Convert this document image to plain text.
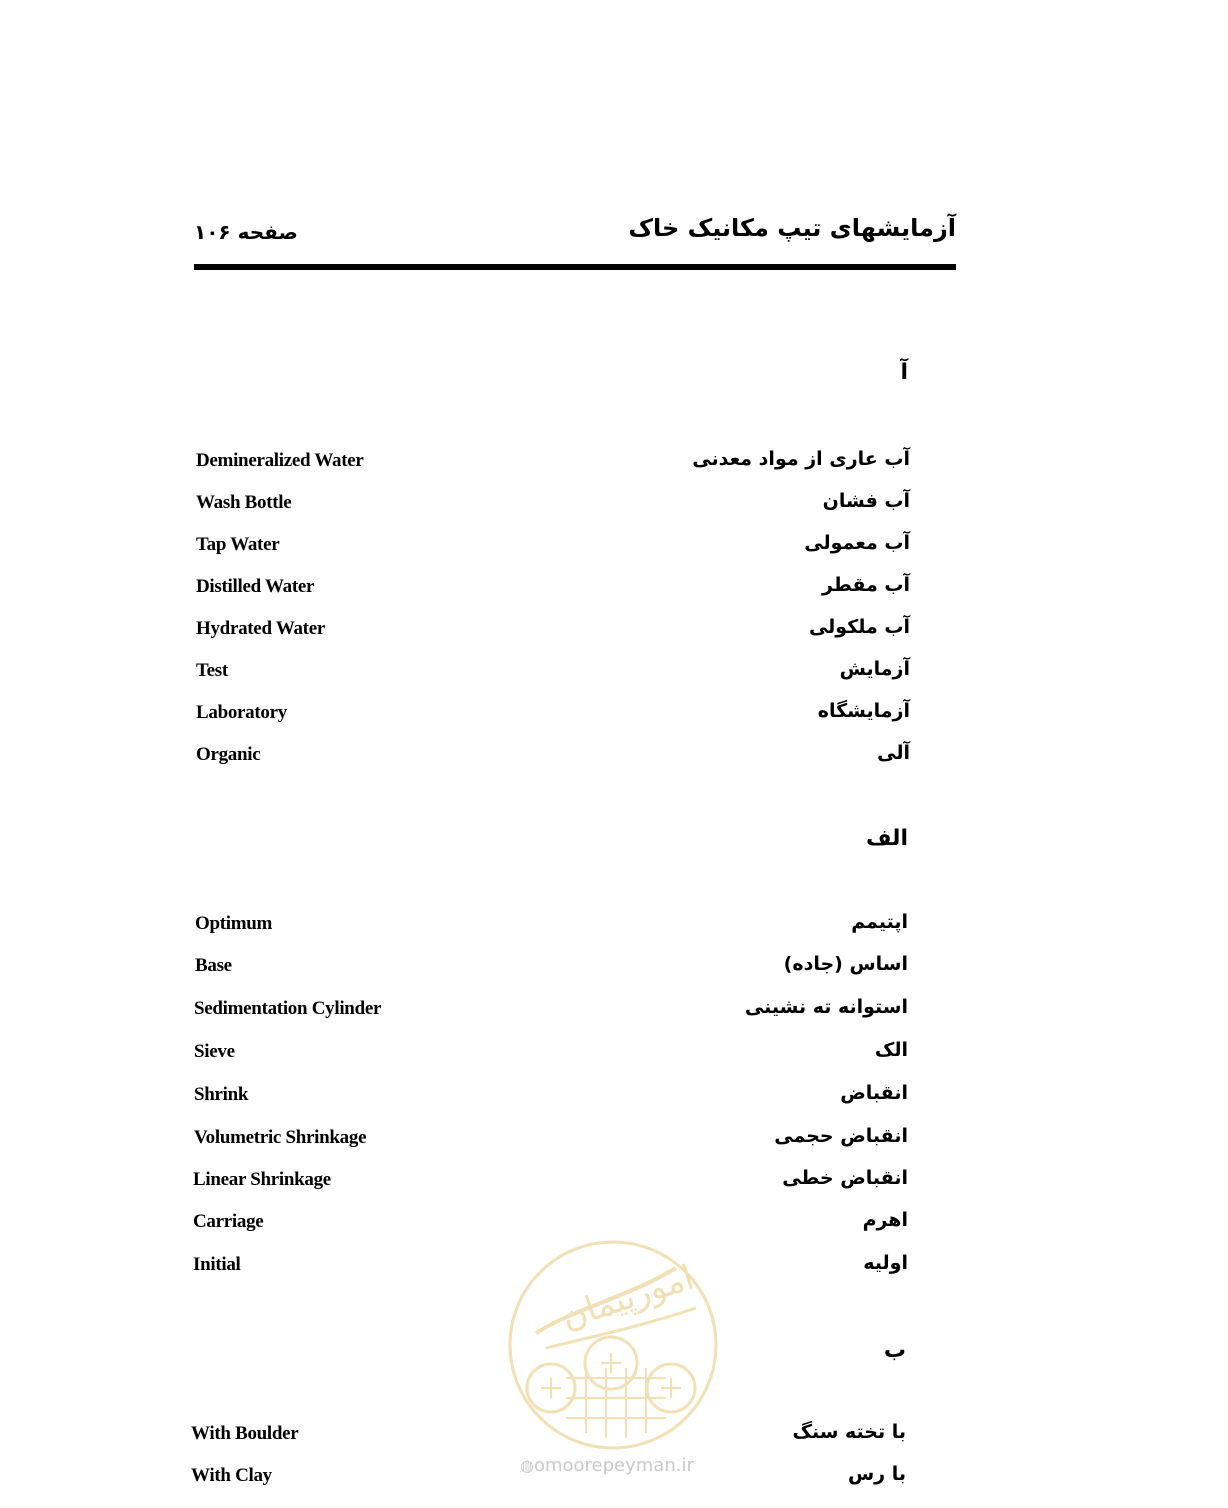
آزمایشهای تیپ مکانیک خاک
صفحه ۱۰۶
آ
Demineralized Water	آب عاری از مواد معدنی
Wash Bottle	آب فشان
Tap Water	آب معمولی
Distilled Water	آب مقطر
Hydrated Water	آب ملکولی
Test	آزمایش
Laboratory	آزمایشگاه
Organic	آلی
الف
Optimum	اپتیمم
Base	اساس (جاده)
Sedimentation Cylinder	استوانه ته نشینی
Sieve	الک
Shrink	انقباض
Volumetric Shrinkage	انقباض حجمی
Linear Shrinkage	انقباض خطی
Carriage	اهرم
Initial	اولیه
ب
With Boulder	با تخته سنگ
With Clay	با رس
امورپیمان
◍omoorepeyman.ir
